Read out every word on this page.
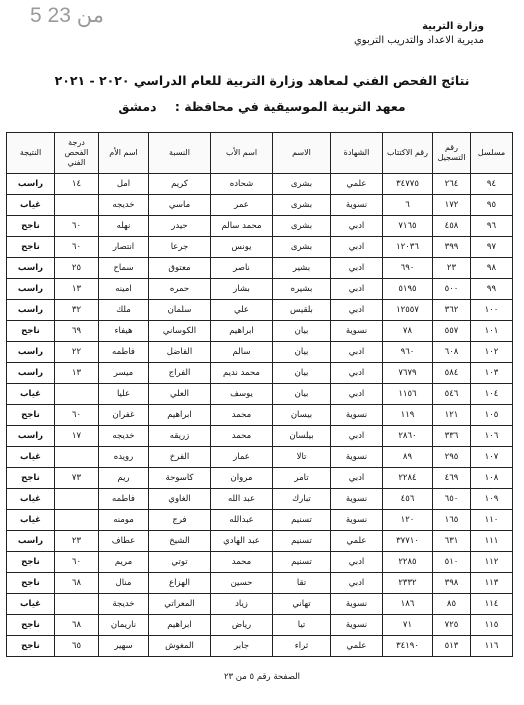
5 من 23	وزارة التربية
مديرية الاعداد والتدريب التربوي
نتائج الفحص الفني لمعاهد وزارة التربية للعام الدراسي ٢٠٢٠ - ٢٠٢١
معهد التربية الموسيقية في محافظة : دمشق
مسلسل	رقم التسجيل	رقم الاكتتاب	الشهادة	الاسم	اسم الأب	النسبة	اسم الأم	درجة الفحص الفني	النتيجة
٩٤	٢٦٤	٣٤٧٧٥	علمي	بشرى	شحاده	كريم	امل	١٤	راسب
٩٥	١٧٢	٦	نسوية	بشرى	عمر	ماسي	خديجه		غياب
٩٦	٤٥٨	٧١٦٥	ادبي	بشرى	محمد سالم	حيدر	نهله	٦٠	ناجح
٩٧	٣٩٩	١٢٠٣٦	ادبي	بشرى	يونس	جرعا	انتصار	٦٠	ناجح
٩٨	٢٣	٦٩٠	ادبي	بشير	ناصر	معتوق	سماح	٢٥	راسب
٩٩	٥٠٠	٥١٩٥	ادبي	بشيره	بشار	حمره	امينه	١٣	راسب
١٠٠	٣٦٢	١٢٥٥٧	ادبي	بلقيس	علي	سلمان	ملك	٣٢	راسب
١٠١	٥٥٧	٧٨	نسوية	بيان	ابراهيم	الكوساني	هيفاء	٦٩	ناجح
١٠٢	٦٠٨	٩٦٠	ادبي	بيان	سالم	الفاضل	فاطمه	٢٢	راسب
١٠٣	٥٨٤	٧٦٧٩	ادبي	بيان	محمد نديم	الفراج	ميسر	١٣	راسب
١٠٤	٥٤٦	١١٥٦	ادبي	بيان	يوسف	العلي	عليا		غياب
١٠٥	١٢١	١١٩	نسوية	بيسان	محمد	ابراهيم	غفران	٦٠	ناجح
١٠٦	٣٣٦	٢٨٦٠	ادبي	بيلسان	محمد	زريقه	خديجه	١٧	راسب
١٠٧	٢٩٥	٨٩	نسوية	تالا	عمار	الفرخ	رويده		غياب
١٠٨	٤٦٩	٢٢٨٤	ادبي	تامر	مروان	كاسوحة	ريم	٧٣	ناجح
١٠٩	٦٥٠	٤٥٦	نسوية	تبارك	عبد الله	الغاوي	فاطمه		غياب
١١٠	١٦٥	١٢٠	نسوية	تسنيم	عبدالله	فرج	مومنه		غياب
١١١	٦٣١	٣٧٧١٠	علمي	تسنيم	عبد الهادي	الشيخ	عطاف	٢٣	راسب
١١٢	٥١٠	٢٢٨٥	ادبي	تسنيم	محمد	توتي	مريم	٦٠	ناجح
١١٣	٣٩٨	٢٣٣٢	ادبي	تقا	حسين	الهزاع	منال	٦٨	ناجح
١١٤	٨٥	١٨٦	نسوية	تهاني	زياد	المعراتي	خديجة		غياب
١١٥	٧٢٥	٧١	نسوية	تيا	رياض	ابراهيم	ناريمان	٦٨	ناجح
١١٦	٥١٣	٣٤١٩٠	علمي	ثراء	جابر	المغوش	سهير	٦٥	ناجح
الصفحة رقم ٥ من ٢٣
